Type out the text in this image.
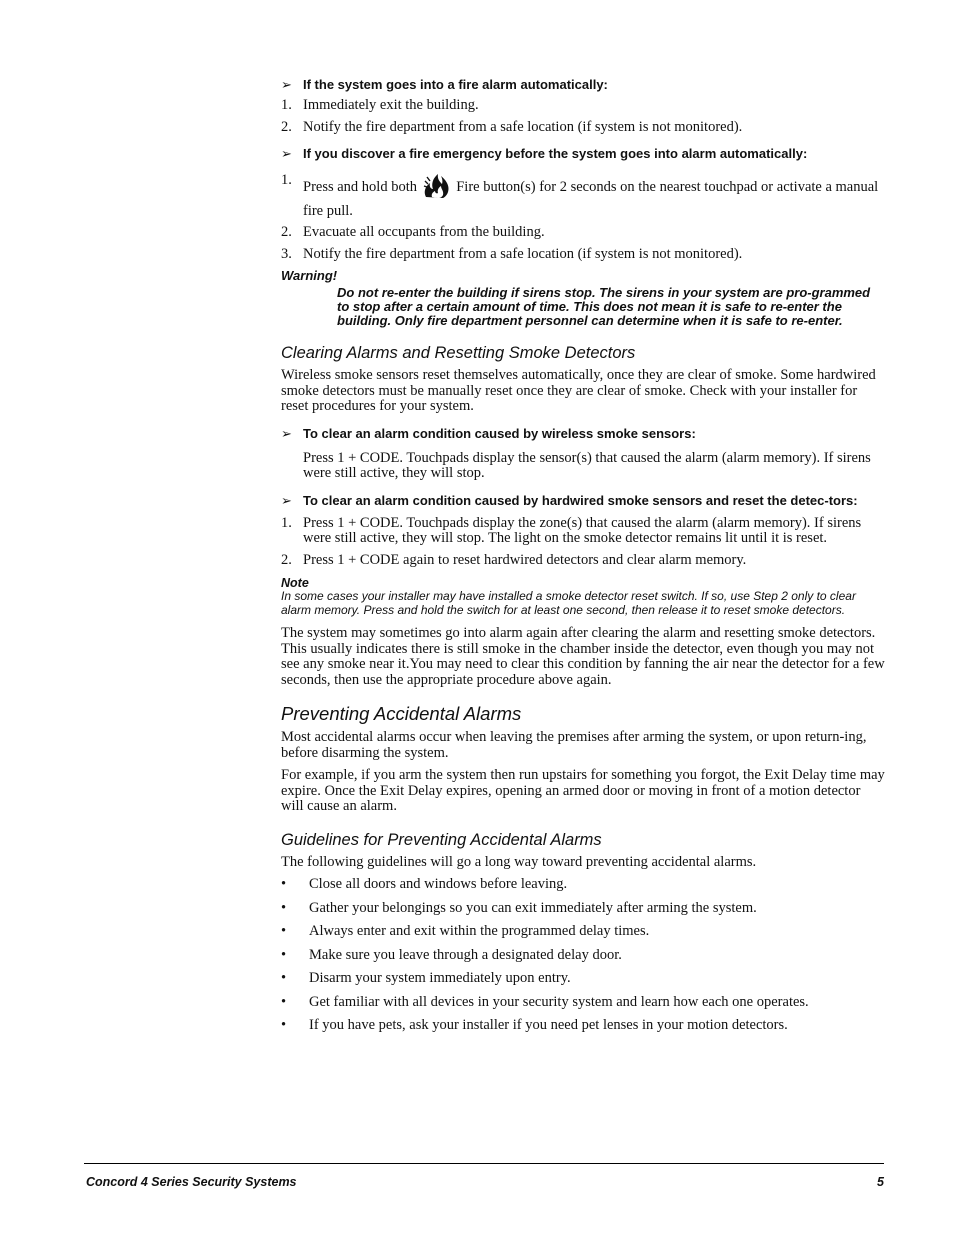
➢ If the system goes into a fire alarm automatically:
1. Immediately exit the building.
2. Notify the fire department from a safe location (if system is not monitored).
➢ If you discover a fire emergency before the system goes into alarm automatically:
1. Press and hold both	Fire button(s) for 2 seconds on the nearest touchpad or activate a manual fire pull.
2. Evacuate all occupants from the building.
3. Notify the fire department from a safe location (if system is not monitored).
Warning!
Do not re-enter the building if sirens stop. The sirens in your system are pro-grammed to stop after a certain amount of time. This does not mean it is safe to re-enter the building. Only fire department personnel can determine when it is safe to re-enter.
Clearing Alarms and Resetting Smoke Detectors

Wireless smoke sensors reset themselves automatically, once they are clear of smoke. Some hardwired smoke detectors must be manually reset once they are clear of smoke. Check with your installer for reset procedures for your system.

➢ To clear an alarm condition caused by wireless smoke sensors:
Press 1 + CODE. Touchpads display the sensor(s) that caused the alarm (alarm memory). If sirens were still active, they will stop.
➢ To clear an alarm condition caused by hardwired smoke sensors and reset the detec-tors:
1. Press 1 + CODE. Touchpads display the zone(s) that caused the alarm (alarm memory). If sirens were still active, they will stop. The light on the smoke detector remains lit until it is reset.
2. Press 1 + CODE again to reset hardwired detectors and clear alarm memory.
Note
In some cases your installer may have installed a smoke detector reset switch. If so, use Step 2 only to clear alarm memory. Press and hold the switch for at least one second, then release it to reset smoke detectors.

The system may sometimes go into alarm again after clearing the alarm and resetting smoke detectors. This usually indicates there is still smoke in the chamber inside the detector, even though you may not see any smoke near it.You may need to clear this condition by fanning the air near the detector for a few seconds, then use the appropriate procedure above again.

Preventing Accidental Alarms

Most accidental alarms occur when leaving the premises after arming the system, or upon return-ing, before disarming the system.

For example, if you arm the system then run upstairs for something you forgot, the Exit Delay time may expire. Once the Exit Delay expires, opening an armed door or moving in front of a motion detector will cause an alarm.

Guidelines for Preventing Accidental Alarms

The following guidelines will go a long way toward preventing accidental alarms.

• Close all doors and windows before leaving.
• Gather your belongings so you can exit immediately after arming the system.
• Always enter and exit within the programmed delay times.
• Make sure you leave through a designated delay door.
• Disarm your system immediately upon entry.
• Get familiar with all devices in your security system and learn how each one operates.
• If you have pets, ask your installer if you need pet lenses in your motion detectors.
Concord 4 Series Security Systems	5
